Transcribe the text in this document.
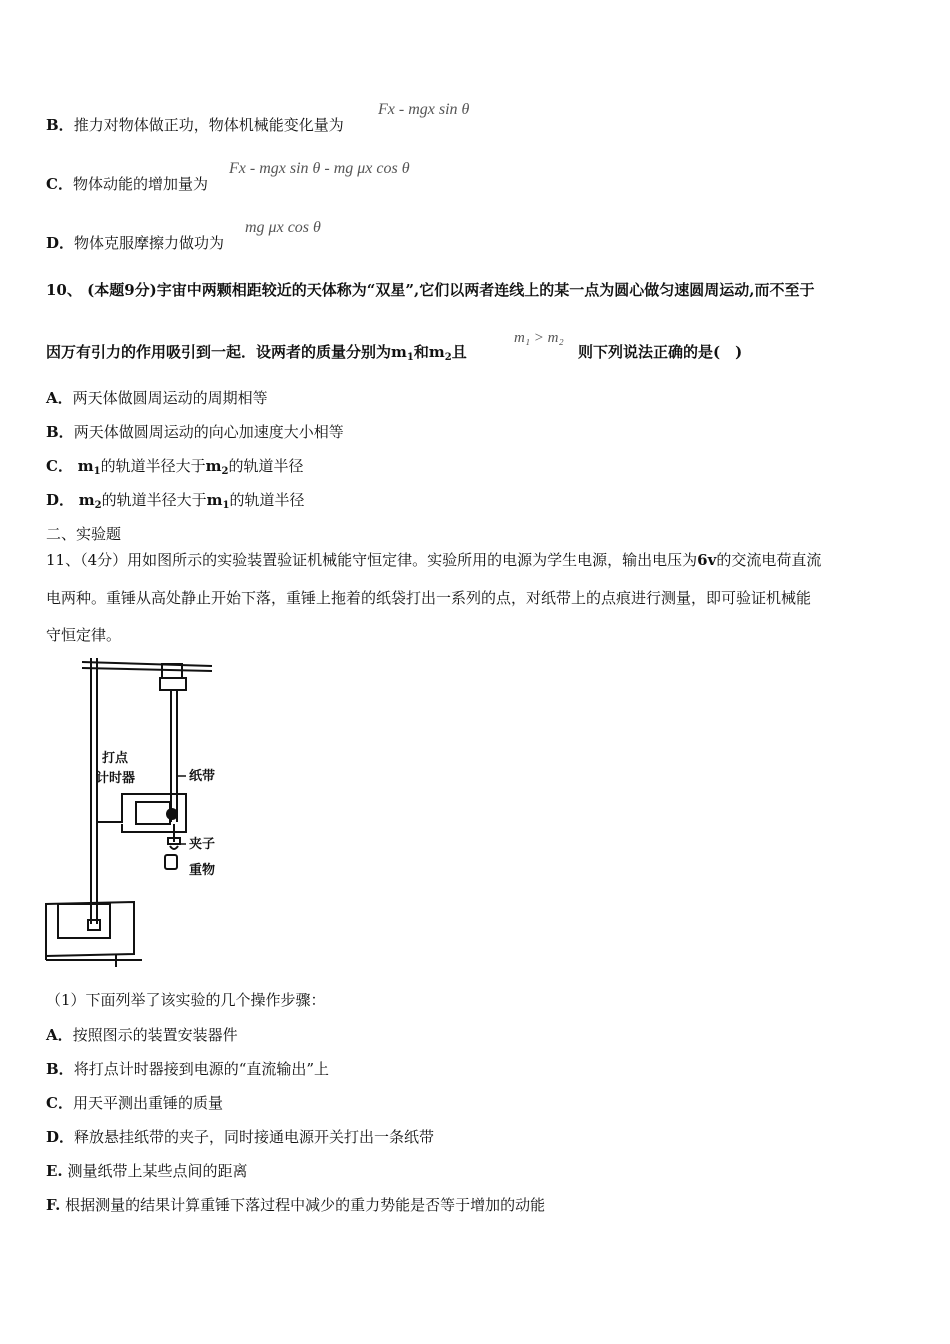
B．推力对物体做正功，物体机械能变化量为
Fx - mgx sin θ
C．物体动能的增加量为
Fx - mgx sin θ - mg μx cos θ
D．物体克服摩擦力做功为
mg μx cos θ
10、 (本题9分)宇宙中两颗相距较近的天体称为“双星”,它们以两者连线上的某一点为圆心做匀速圆周运动,而不至于
因万有引力的作用吸引到一起．设两者的质量分别为$m_1$和$m_2$且
m₁ > m₂
则下列说法正确的是(　)
A．两天体做圆周运动的周期相等
B．两天体做圆周运动的向心加速度大小相等
C． $m_1$的轨道半径大于$m_2$的轨道半径
D． $m_2$的轨道半径大于$m_1$的轨道半径
二、实验题
11、（4分）用如图所示的实验装置验证机械能守恒定律。实验所用的电源为学生电源，输出电压为6v的交流电荷直流
电两种。重锤从高处静止开始下落，重锤上拖着的纸袋打出一系列的点，对纸带上的点痕进行测量，即可验证机械能
守恒定律。
打点
计时器	纸带
夹子
重物
（1）下面列举了该实验的几个操作步骤：
A．按照图示的装置安装器件
B．将打点计时器接到电源的“直流输出”上
C．用天平测出重锤的质量
D．释放悬挂纸带的夹子，同时接通电源开关打出一条纸带
E. 测量纸带上某些点间的距离
F. 根据测量的结果计算重锤下落过程中减少的重力势能是否等于增加的动能
